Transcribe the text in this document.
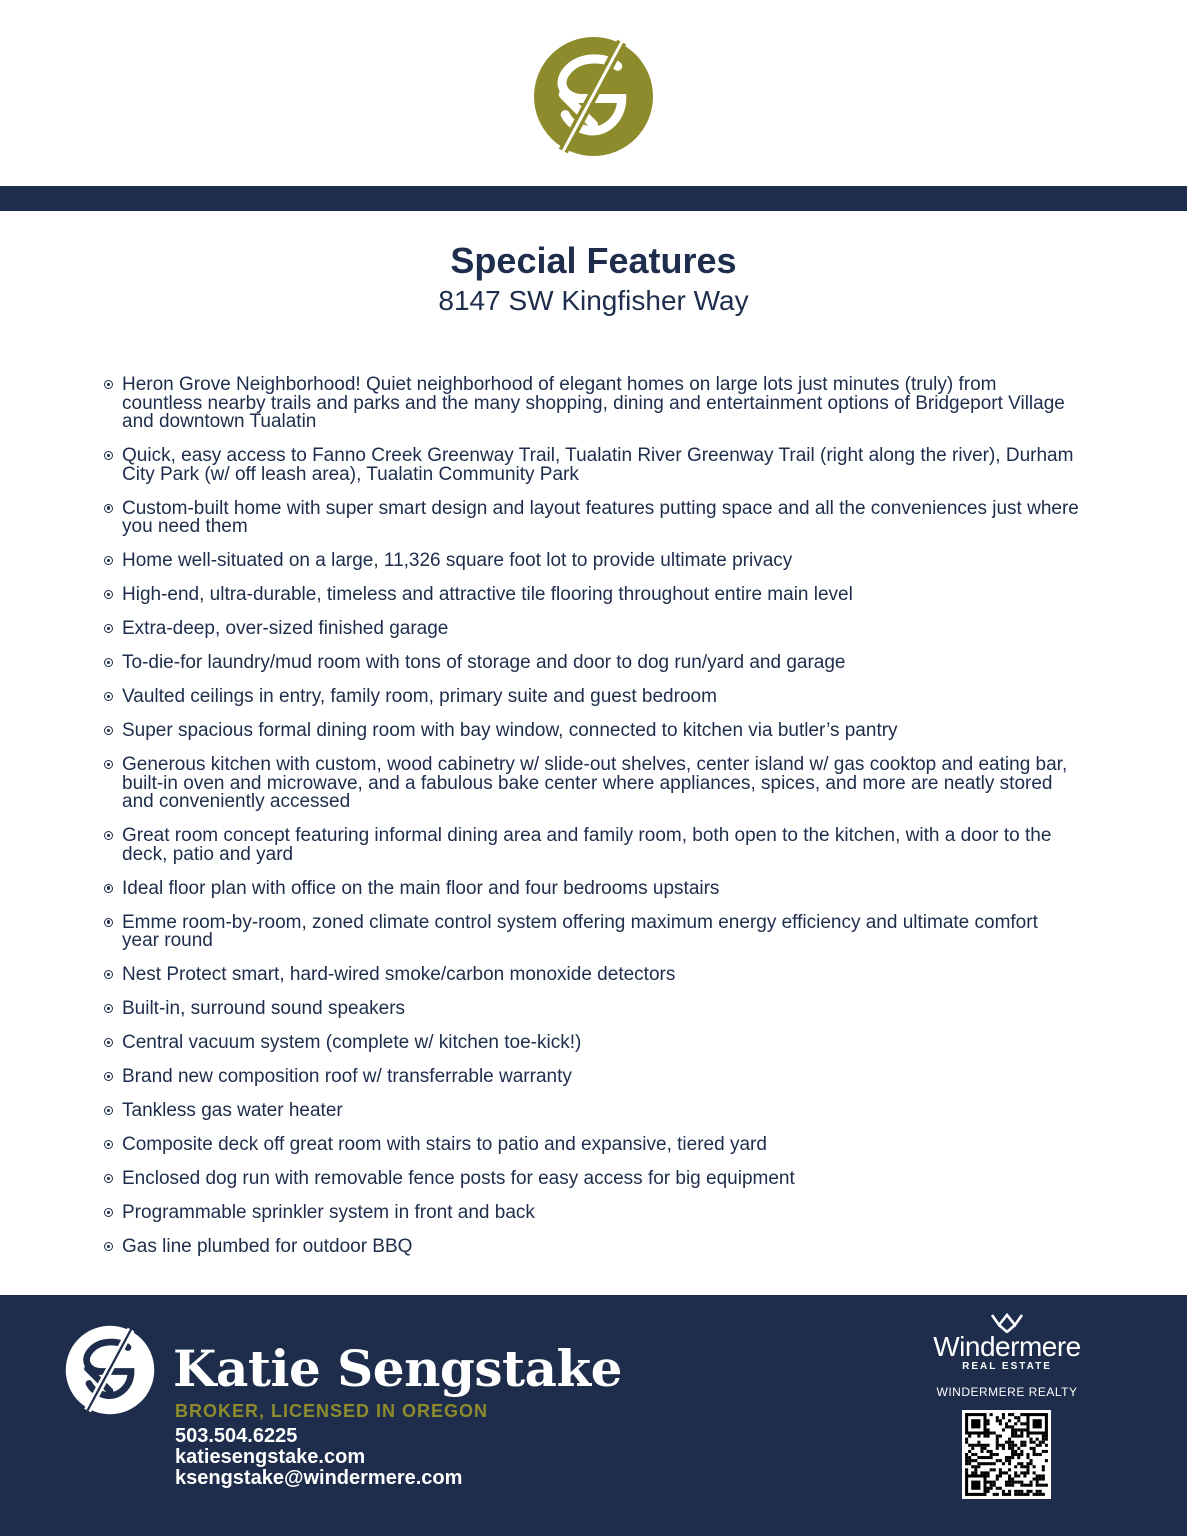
Special Features
8147 SW Kingfisher Way
Heron Grove Neighborhood! Quiet neighborhood of elegant homes on large lots just minutes (truly) from countless nearby trails and parks and the many shopping, dining and entertainment options of Bridgeport Village and downtown Tualatin
Quick, easy access to Fanno Creek Greenway Trail, Tualatin River Greenway Trail (right along the river), Durham City Park (w/ off leash area), Tualatin Community Park
Custom-built home with super smart design and layout features putting space and all the conveniences just where you need them
Home well-situated on a large, 11,326 square foot lot to provide ultimate privacy
High-end, ultra-durable, timeless and attractive tile flooring throughout entire main level
Extra-deep, over-sized finished garage
To-die-for laundry/mud room with tons of storage and door to dog run/yard and garage
Vaulted ceilings in entry, family room, primary suite and guest bedroom
Super spacious formal dining room with bay window, connected to kitchen via butler’s pantry
Generous kitchen with custom, wood cabinetry w/ slide-out shelves, center island w/ gas cooktop and eating bar, built-in oven and microwave, and a fabulous bake center where appliances, spices, and more are neatly stored and conveniently accessed
Great room concept featuring informal dining area and family room, both open to the kitchen, with a door to the deck, patio and yard
Ideal floor plan with office on the main floor and four bedrooms upstairs
Emme room-by-room, zoned climate control system offering maximum energy efficiency and ultimate comfort year round
Nest Protect smart, hard-wired smoke/carbon monoxide detectors
Built-in, surround sound speakers
Central vacuum system (complete w/ kitchen toe-kick!)
Brand new composition roof w/ transferrable warranty
Tankless gas water heater
Composite deck off great room with stairs to patio and expansive, tiered yard
Enclosed dog run with removable fence posts for easy access for big equipment
Programmable sprinkler system in front and back
Gas line plumbed for outdoor BBQ
Katie Sengstake
BROKER, LICENSED IN OREGON
503.504.6225
katiesengstake.com
ksengstake@windermere.com
Windermere
REAL ESTATE
WINDERMERE REALTY
